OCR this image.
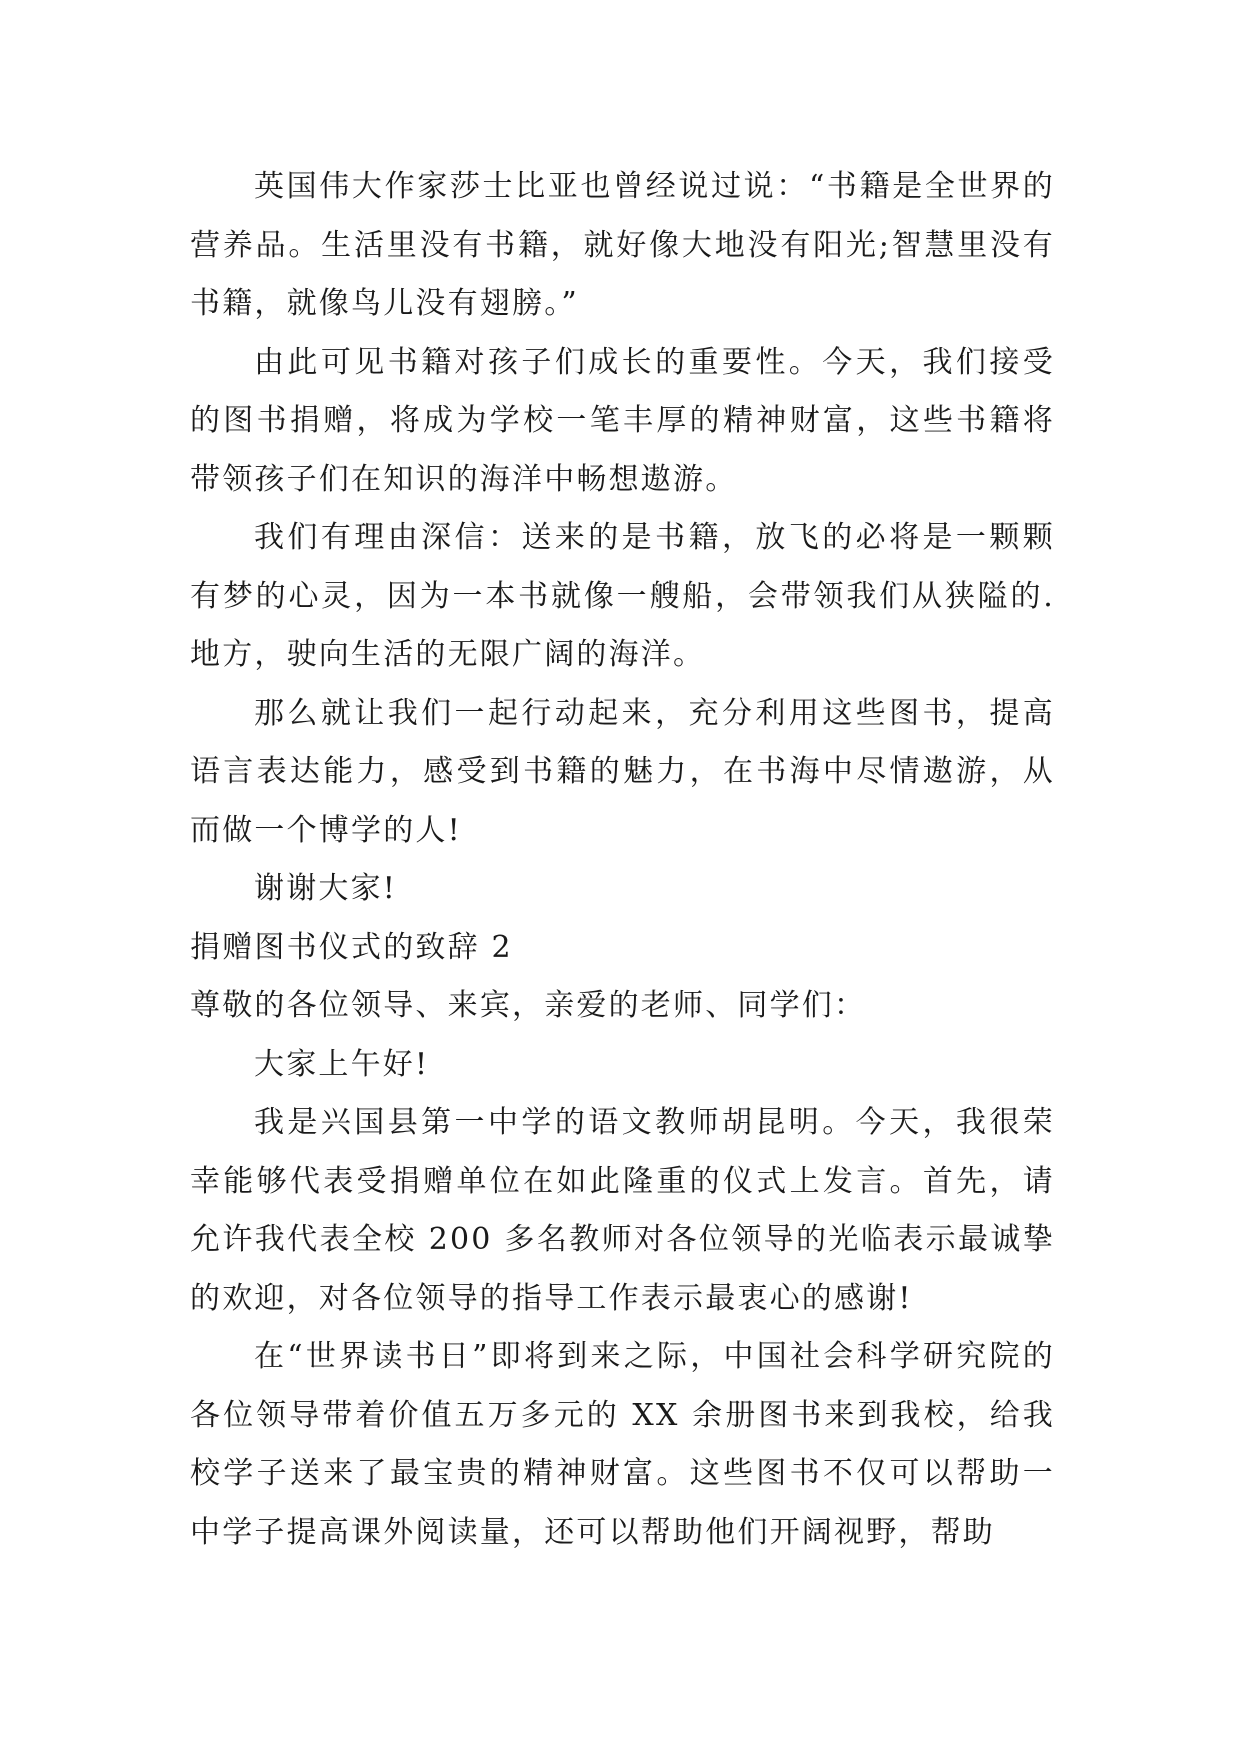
英国伟大作家莎士比亚也曾经说过说：“书籍是全世界的营养品。生活里没有书籍，就好像大地没有阳光;智慧里没有书籍，就像鸟儿没有翅膀。”

由此可见书籍对孩子们成长的重要性。今天，我们接受的图书捐赠，将成为学校一笔丰厚的精神财富，这些书籍将带领孩子们在知识的海洋中畅想遨游。

我们有理由深信：送来的是书籍，放飞的必将是一颗颗有梦的心灵，因为一本书就像一艘船，会带领我们从狭隘的.地方，驶向生活的无限广阔的海洋。

那么就让我们一起行动起来，充分利用这些图书，提高语言表达能力，感受到书籍的魅力，在书海中尽情遨游，从而做一个博学的人!

谢谢大家!

捐赠图书仪式的致辞 2

尊敬的各位领导、来宾，亲爱的老师、同学们：

大家上午好!

我是兴国县第一中学的语文教师胡昆明。今天，我很荣幸能够代表受捐赠单位在如此隆重的仪式上发言。首先，请允许我代表全校 200 多名教师对各位领导的光临表示最诚挚的欢迎，对各位领导的指导工作表示最衷心的感谢!

在“世界读书日”即将到来之际，中国社会科学研究院的各位领导带着价值五万多元的 XX 余册图书来到我校，给我校学子送来了最宝贵的精神财富。这些图书不仅可以帮助一中学子提高课外阅读量，还可以帮助他们开阔视野，帮助
